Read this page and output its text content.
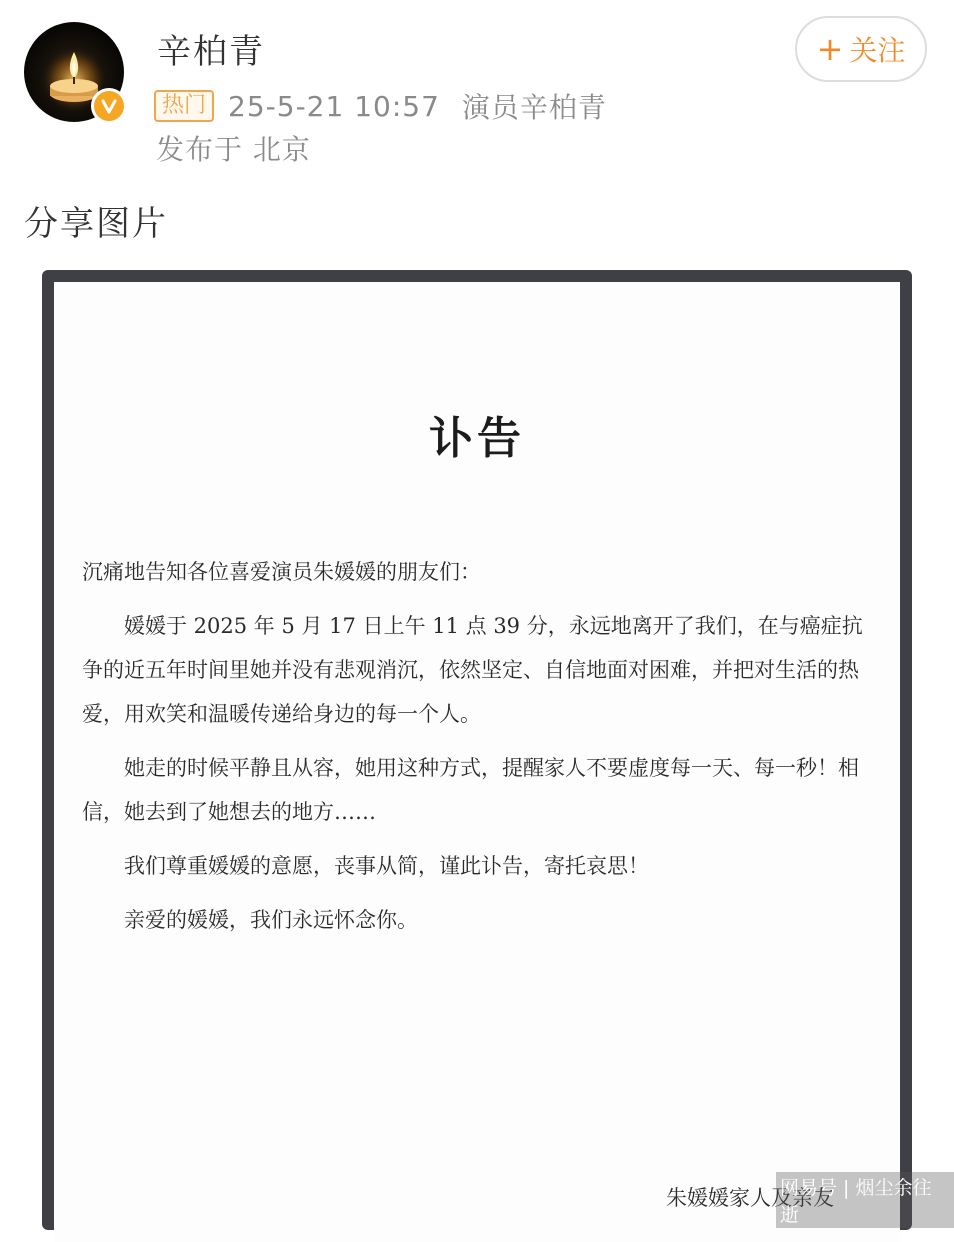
辛柏青
热门 25-5-21 10:57 演员辛柏青
发布于 北京
+ 关注
分享图片
讣告

沉痛地告知各位喜爱演员朱媛媛的朋友们：

媛媛于 2025 年 5 月 17 日上午 11 点 39 分，永远地离开了我们，在与癌症抗争的近五年时间里她并没有悲观消沉，依然坚定、自信地面对困难，并把对生活的热爱，用欢笑和温暖传递给身边的每一个人。

她走的时候平静且从容，她用这种方式，提醒家人不要虚度每一天、每一秒！相信，她去到了她想去的地方……

我们尊重媛媛的意愿，丧事从简，谨此讣告，寄托哀思！

亲爱的媛媛，我们永远怀念你。

朱媛媛家人及亲友
网易号 | 烟尘余往逝
